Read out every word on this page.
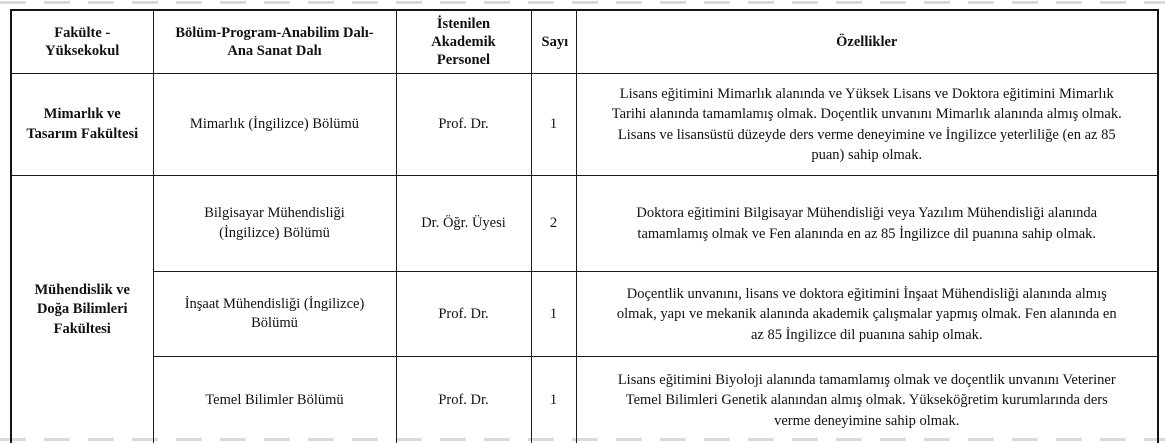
Fakülte - Yüksekokul	Bölüm-Program-Anabilim Dalı-Ana Sanat Dalı	İstenilen Akademik Personel	Sayı	Özellikler
Mimarlık ve Tasarım Fakültesi	Mimarlık (İngilizce) Bölümü	Prof. Dr.	1	Lisans eğitimini Mimarlık alanında ve Yüksek Lisans ve Doktora eğitimini Mimarlık Tarihi alanında tamamlamış olmak. Doçentlik unvanını Mimarlık alanında almış olmak. Lisans ve lisansüstü düzeyde ders verme deneyimine ve İngilizce yeterliliğe (en az 85 puan) sahip olmak.
Mühendislik ve Doğa Bilimleri Fakültesi	Bilgisayar Mühendisliği (İngilizce) Bölümü	Dr. Öğr. Üyesi	2	Doktora eğitimini Bilgisayar Mühendisliği veya Yazılım Mühendisliği alanında tamamlamış olmak ve Fen alanında en az 85 İngilizce dil puanına sahip olmak.
	İnşaat Mühendisliği (İngilizce) Bölümü	Prof. Dr.	1	Doçentlik unvanını, lisans ve doktora eğitimini İnşaat Mühendisliği alanında almış olmak, yapı ve mekanik alanında akademik çalışmalar yapmış olmak. Fen alanında en az 85 İngilizce dil puanına sahip olmak.
	Temel Bilimler Bölümü	Prof. Dr.	1	Lisans eğitimini Biyoloji alanında tamamlamış olmak ve doçentlik unvanını Veteriner Temel Bilimleri Genetik alanından almış olmak. Yükseköğretim kurumlarında ders verme deneyimine sahip olmak.
